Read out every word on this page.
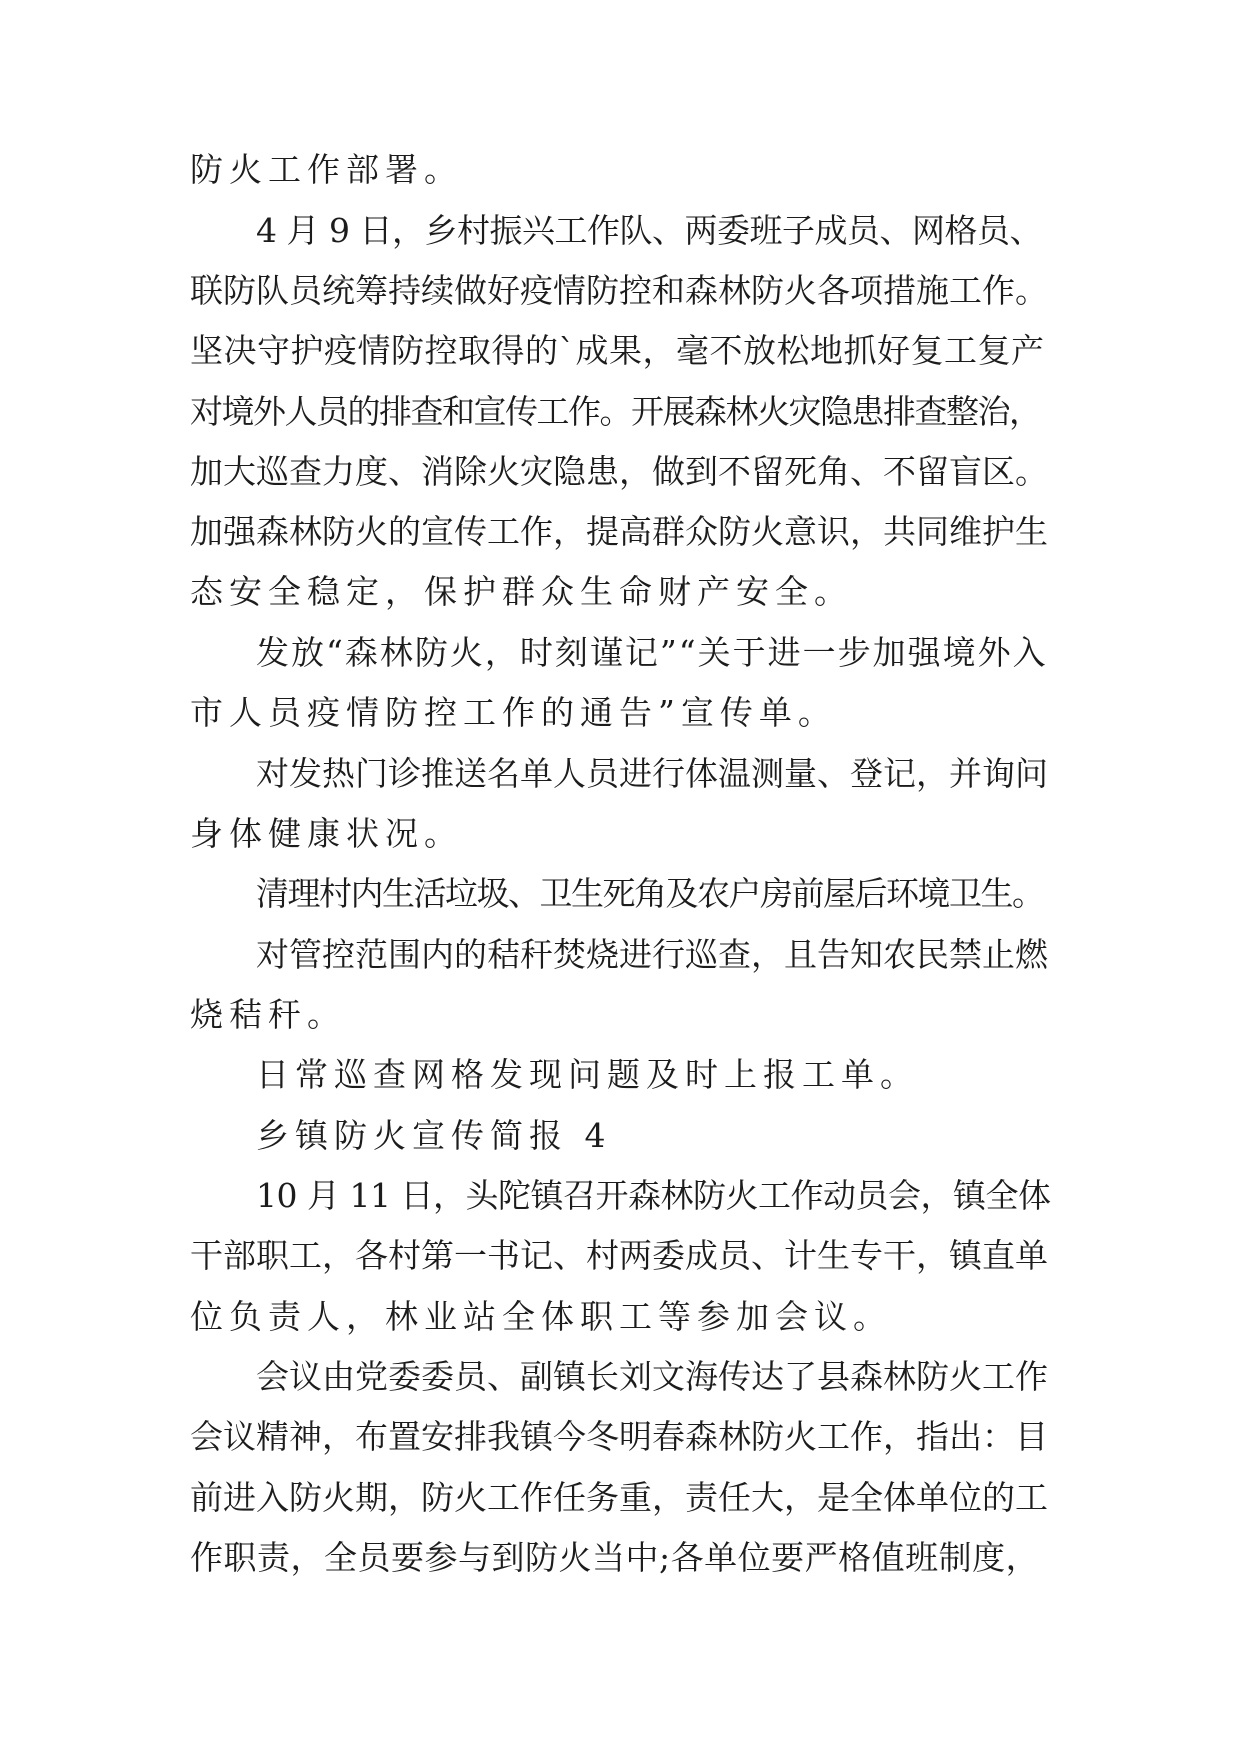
防火工作部署。
4 月 9 日，乡村振兴工作队、两委班子成员、网格员、
联防队员统筹持续做好疫情防控和森林防火各项措施工作。
坚决守护疫情防控取得的`成果，毫不放松地抓好复工复产
对境外人员的排查和宣传工作。开展森林火灾隐患排查整治，
加大巡查力度、消除火灾隐患，做到不留死角、不留盲区。
加强森林防火的宣传工作，提高群众防火意识，共同维护生
态安全稳定，保护群众生命财产安全。
发放“森林防火，时刻谨记”“关于进一步加强境外入
市人员疫情防控工作的通告”宣传单。
对发热门诊推送名单人员进行体温测量、登记，并询问
身体健康状况。
清理村内生活垃圾、卫生死角及农户房前屋后环境卫生。
对管控范围内的秸秆焚烧进行巡查，且告知农民禁止燃
烧秸秆。
日常巡查网格发现问题及时上报工单。
乡镇防火宣传简报 4
10 月 11 日，头陀镇召开森林防火工作动员会，镇全体
干部职工，各村第一书记、村两委成员、计生专干，镇直单
位负责人，林业站全体职工等参加会议。
会议由党委委员、副镇长刘文海传达了县森林防火工作
会议精神，布置安排我镇今冬明春森林防火工作，指出：目
前进入防火期，防火工作任务重，责任大，是全体单位的工
作职责，全员要参与到防火当中;各单位要严格值班制度，
